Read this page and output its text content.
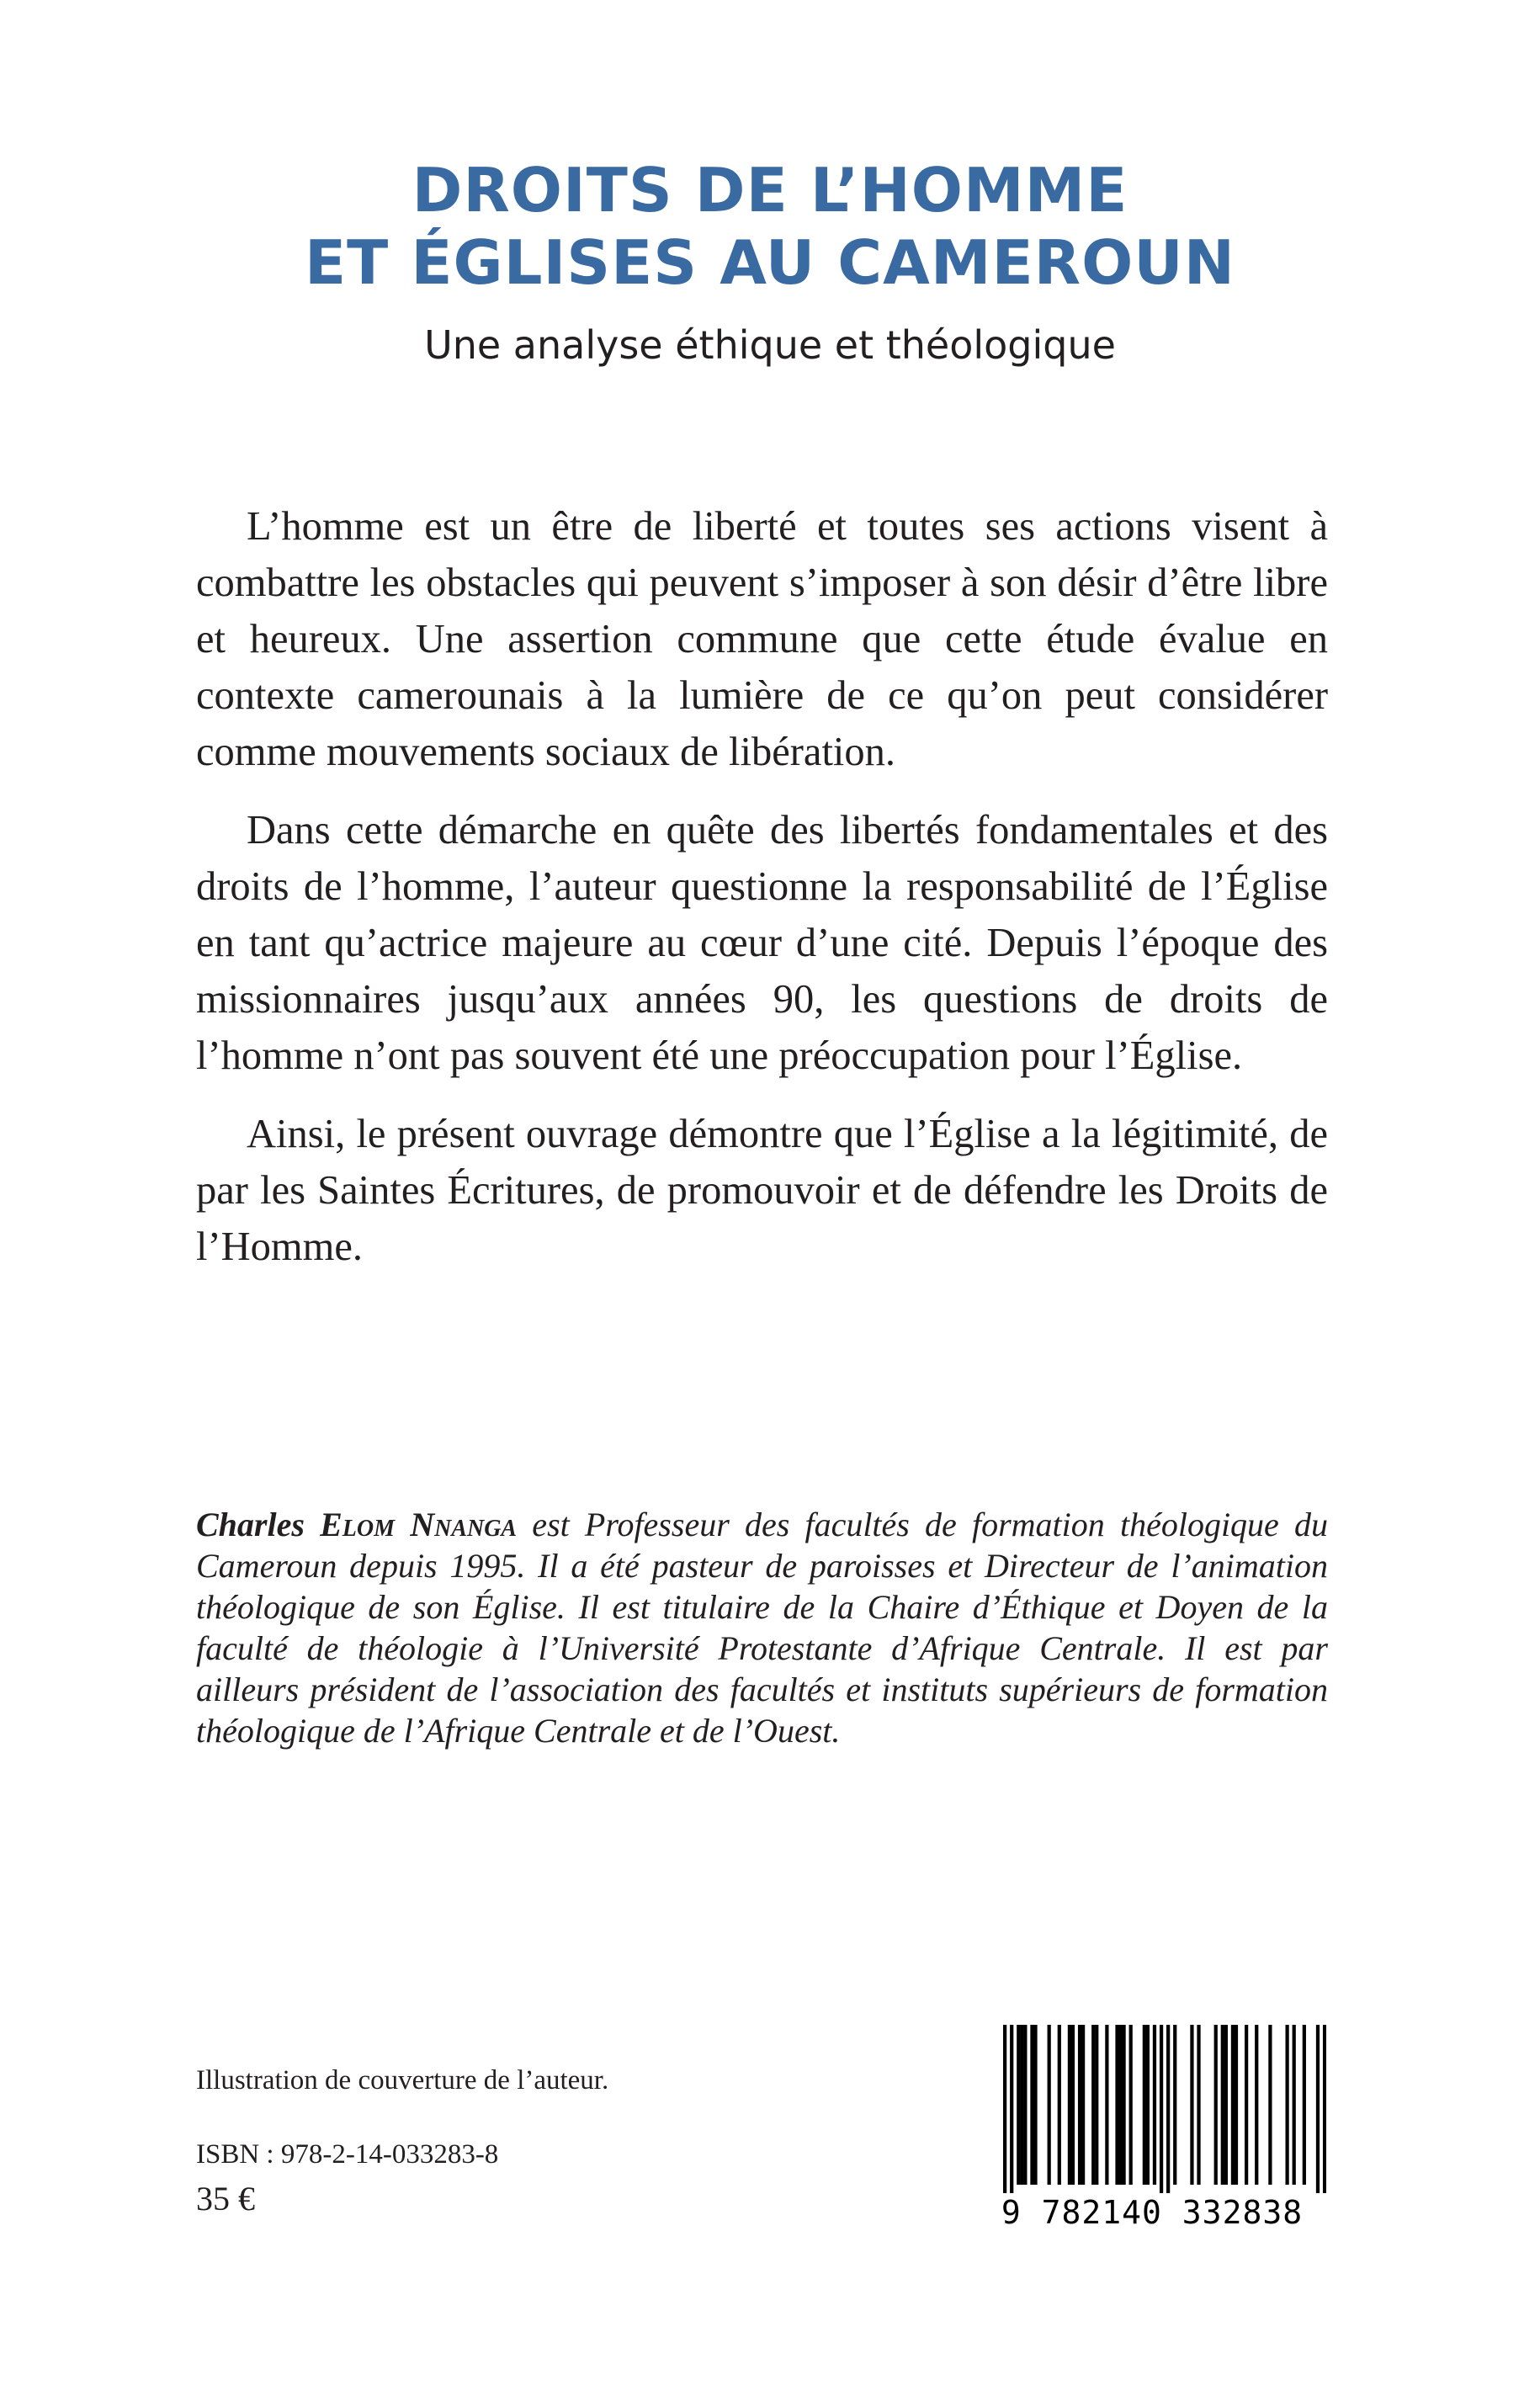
DROITS DE L’HOMME
ET ÉGLISES AU CAMEROUN
Une analyse éthique et théologique

L’homme est un être de liberté et toutes ses actions visent à combattre les obstacles qui peuvent s’imposer à son désir d’être libre et heureux. Une assertion commune que cette étude évalue en contexte camerounais à la lumière de ce qu’on peut considérer comme mouvements sociaux de libération.

Dans cette démarche en quête des libertés fondamentales et des droits de l’homme, l’auteur questionne la responsabilité de l’Église en tant qu’actrice majeure au cœur d’une cité. Depuis l’époque des missionnaires jusqu’aux années 90, les questions de droits de l’homme n’ont pas souvent été une préoccupation pour l’Église.

Ainsi, le présent ouvrage démontre que l’Église a la légitimité, de par les Saintes Écritures, de promouvoir et de défendre les Droits de l’Homme.

Charles Elom Nnanga est Professeur des facultés de formation théologique du Cameroun depuis 1995. Il a été pasteur de paroisses et Directeur de l’animation théologique de son Église. Il est titulaire de la Chaire d’Éthique et Doyen de la faculté de théologie à l’Université Protestante d’Afrique Centrale. Il est par ailleurs président de l’association des facultés et instituts supérieurs de formation théologique de l’Afrique Centrale et de l’Ouest.
Illustration de couverture de l’auteur.
ISBN : 978-2-14-033283-8
35 €	9 782140 332838
